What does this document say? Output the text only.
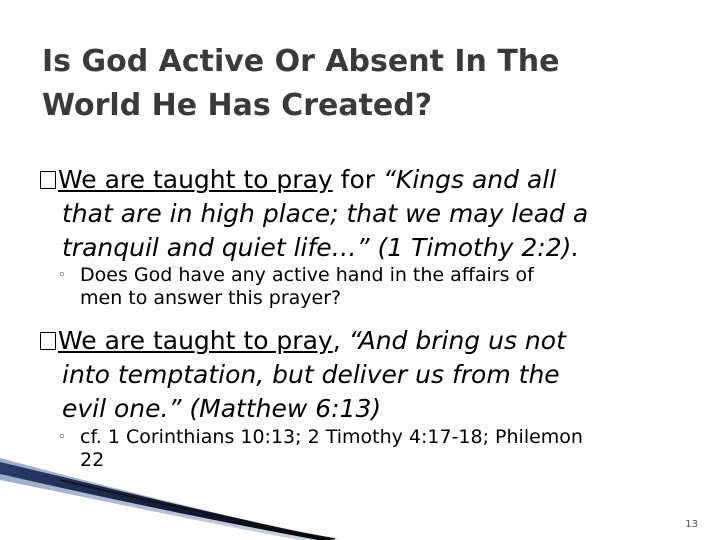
Is God Active Or Absent In The
World He Has Created?
We are taught to pray for “Kings and all
that are in high place; that we may lead a
tranquil and quiet life…” (1 Timothy 2:2).
◦ Does God have any active hand in the affairs of
men to answer this prayer?
We are taught to pray, “And bring us not
into temptation, but deliver us from the
evil one.” (Matthew 6:13)
◦ cf. 1 Corinthians 10:13; 2 Timothy 4:17-18; Philemon
22
13
